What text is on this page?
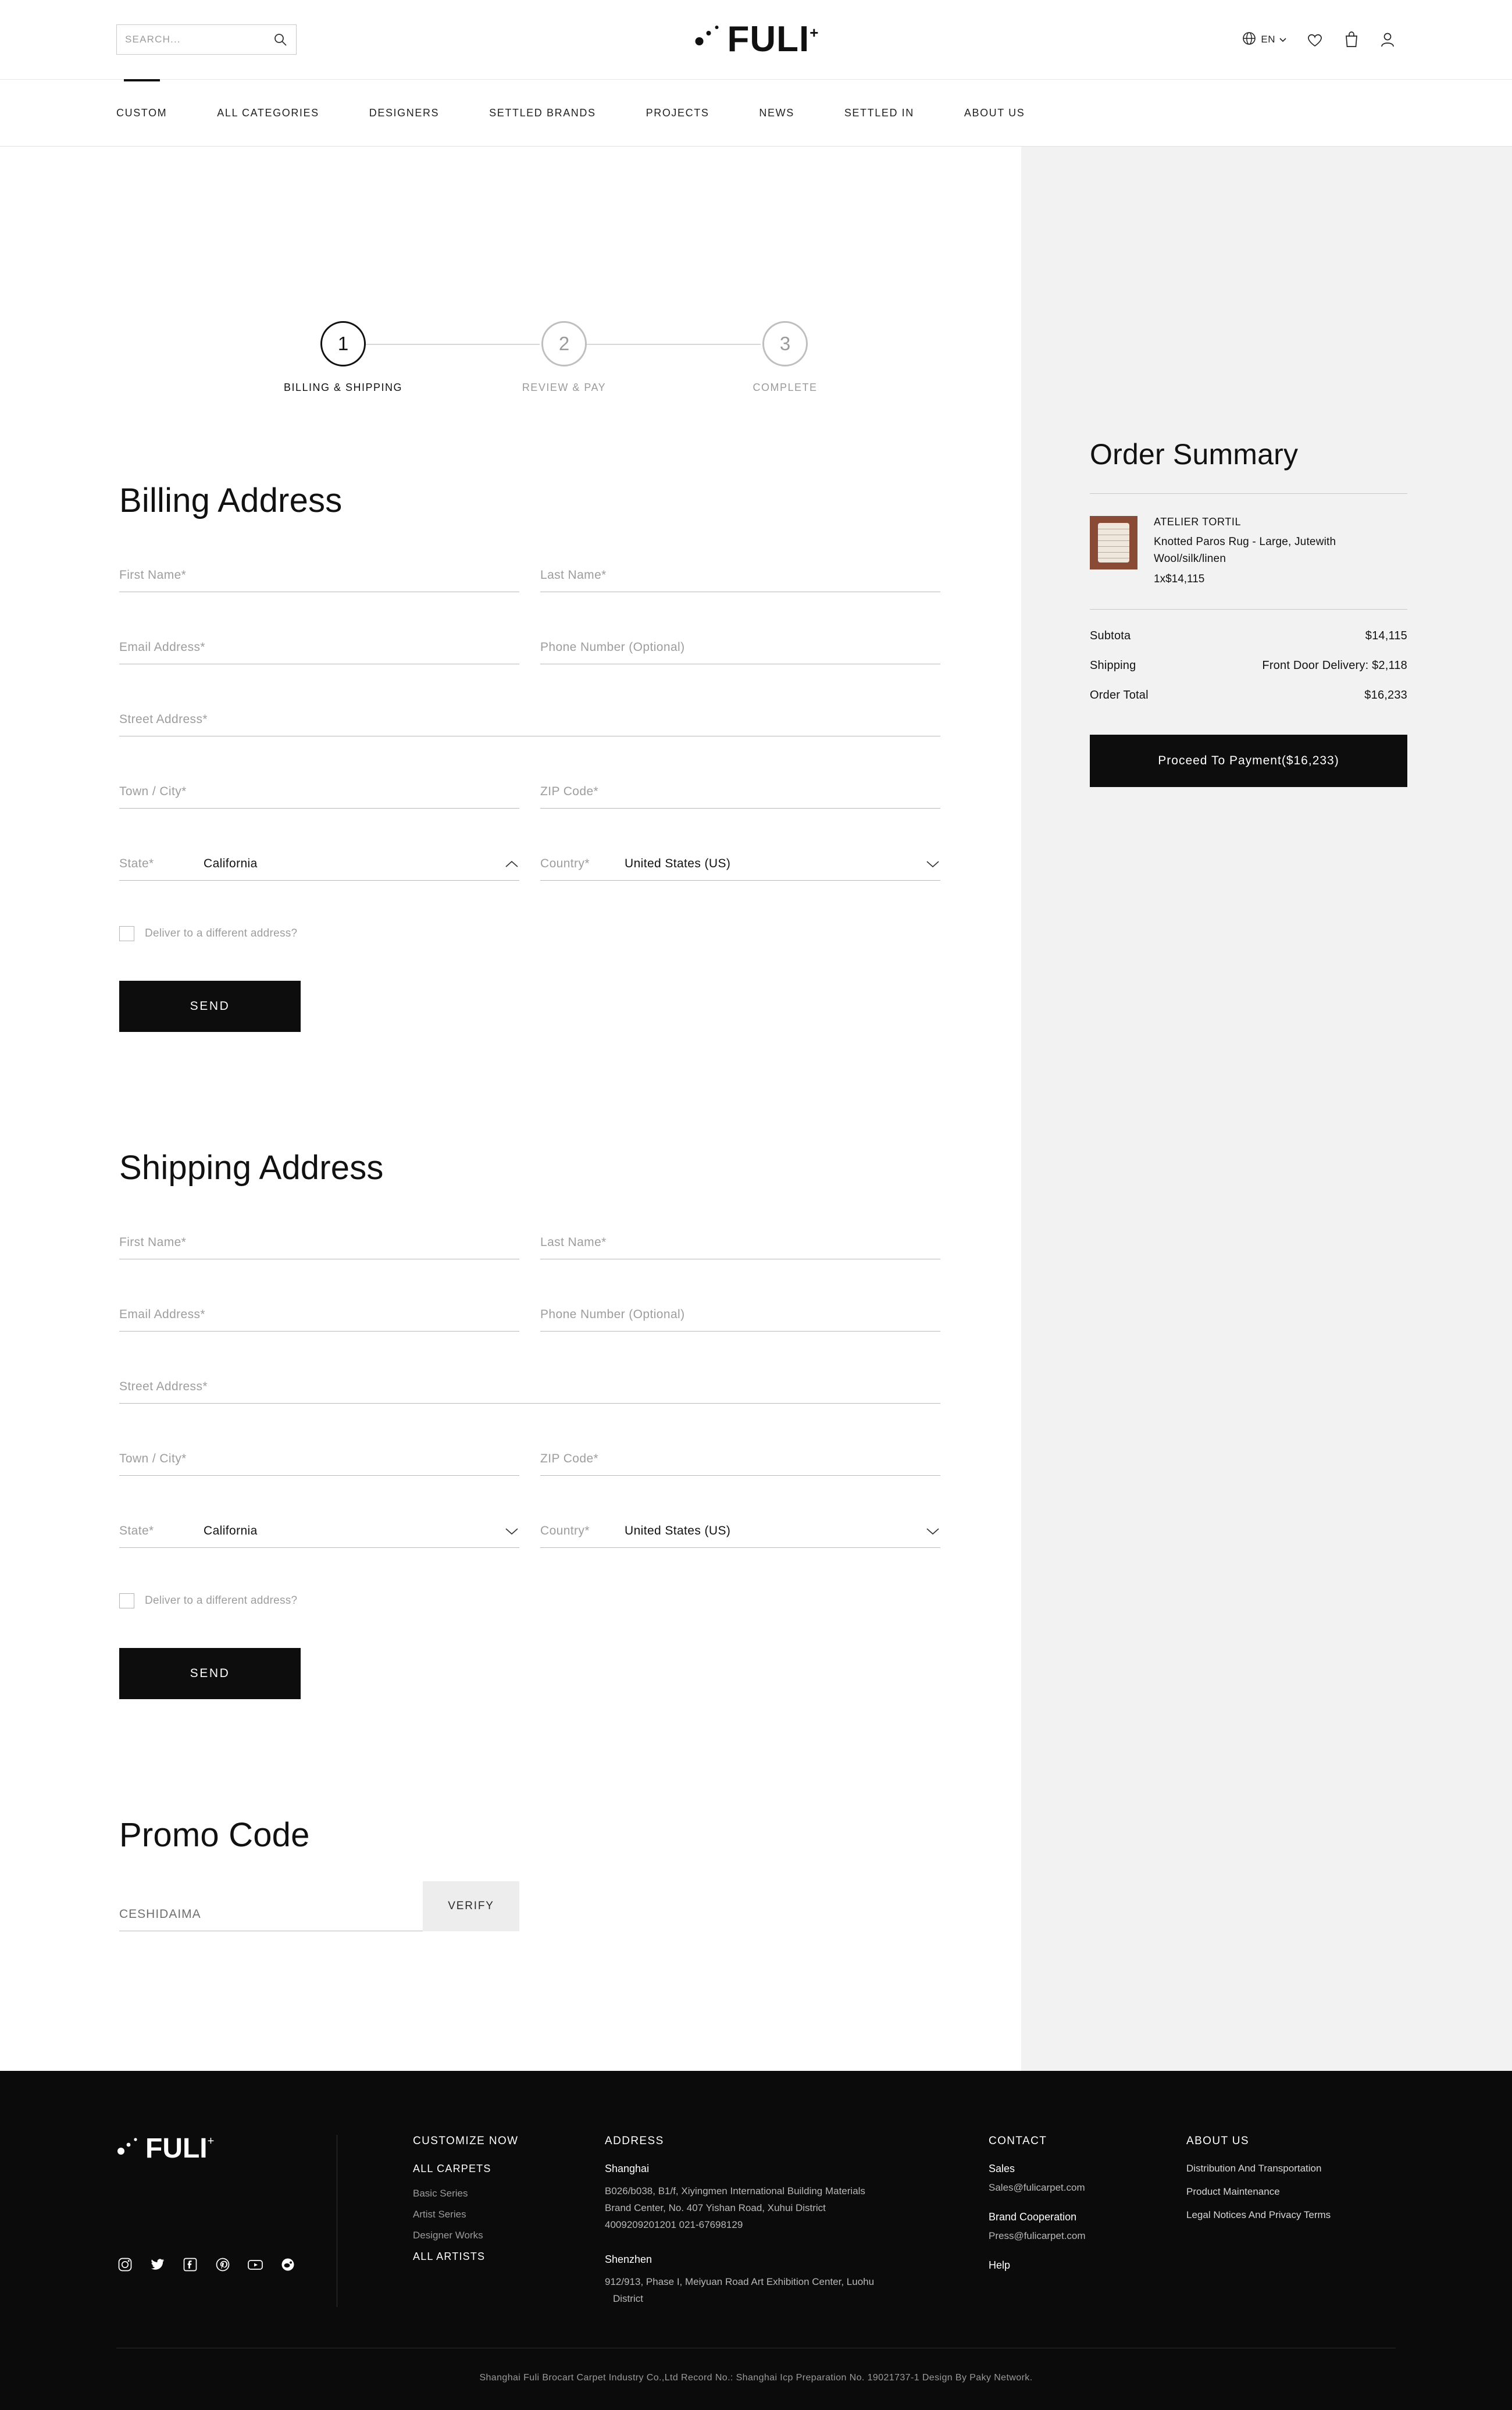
SEARCH...
FULI +	EN
CUSTOM	ALL CATEGORIES	DESIGNERS	SETTLED BRANDS	PROJECTS	NEWS	SETTLED IN	ABOUT US
1
BILLING & SHIPPING
2
REVIEW & PAY
3
COMPLETE
Billing Address
First Name*
Last Name*
Email Address*
Phone Number (Optional)
Street Address*
Town / City*
ZIP Code*
State*	California	Country*	United States (US)
Deliver to a different address?
SEND
Shipping Address
First Name*
Last Name*
Email Address*
Phone Number (Optional)
Street Address*
Town / City*
ZIP Code*
State*	California	Country*	United States (US)
Deliver to a different address?
SEND
Promo Code
CESHIDAIMA
VERIFY
Order Summary
ATELIER TORTIL
Knotted Paros Rug - Large, Jutewith Wool/silk/linen
1x$14,115
Subtota	$14,115
Shipping	Front Door Delivery: $2,118
Order Total	$16,233
Proceed To Payment($16,233)
FULI +	CUSTOMIZE NOW
ALL CARPETS
Basic Series
Artist Series
Designer Works
ALL ARTISTS
ADDRESS
Shanghai
B026/b038, B1/f, Xiyingmen International Building Materials
Brand Center, No. 407 Yishan Road, Xuhui District
4009209201201 021-67698129
Shenzhen
912/913, Phase I, Meiyuan Road Art Exhibition Center, Luohu
District
CONTACT
Sales
Sales@fulicarpet.com
Brand Cooperation
Press@fulicarpet.com
Help
ABOUT US
Distribution And Transportation
Product Maintenance
Legal Notices And Privacy Terms
Shanghai Fuli Brocart Carpet Industry Co.,Ltd Record No.: Shanghai Icp Preparation No. 19021737-1 Design By Paky Network.
